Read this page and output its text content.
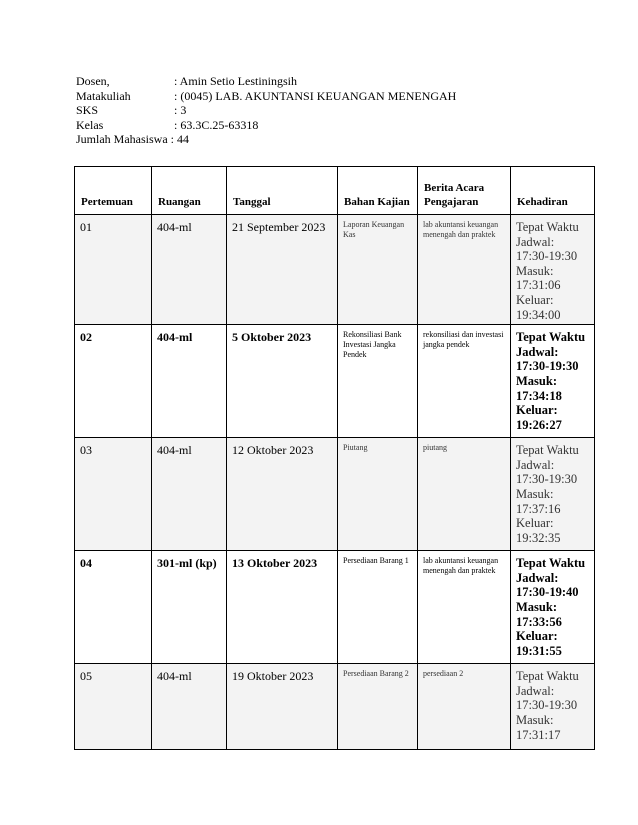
Dosen,	: Amin Setio Lestiningsih
Matakuliah	: (0045) LAB. AKUNTANSI KEUANGAN MENENGAH
SKS	: 3
Kelas	: 63.3C.25-63318
Jumlah Mahasiswa : 44
Pertemuan	Ruangan	Tanggal	Bahan Kajian	Berita Acara Pengajaran	Kehadiran
01	404-ml	21 September 2023	Laporan Keuangan Kas	lab akuntansi keuangan menengah dan praktek	Tepat Waktu
Jadwal: 17:30-19:30
Masuk: 17:31:06
Keluar: 19:34:00

02	404-ml	5 Oktober 2023	Rekonsiliasi Bank Investasi Jangka Pendek	rekonsiliasi dan investasi jangka pendek	Tepat Waktu
Jadwal: 17:30-19:30
Masuk: 17:34:18
Keluar: 19:26:27

03	404-ml	12 Oktober 2023	Piutang	piutang	Tepat Waktu
Jadwal: 17:30-19:30
Masuk: 17:37:16
Keluar: 19:32:35

04	301-ml (kp)	13 Oktober 2023	Persediaan Barang 1	lab akuntansi keuangan menengah dan praktek	Tepat Waktu
Jadwal: 17:30-19:40
Masuk: 17:33:56
Keluar: 19:31:55

05	404-ml	19 Oktober 2023	Persediaan Barang 2	persediaan 2	Tepat Waktu
Jadwal: 17:30-19:30
Masuk: 17:31:17
